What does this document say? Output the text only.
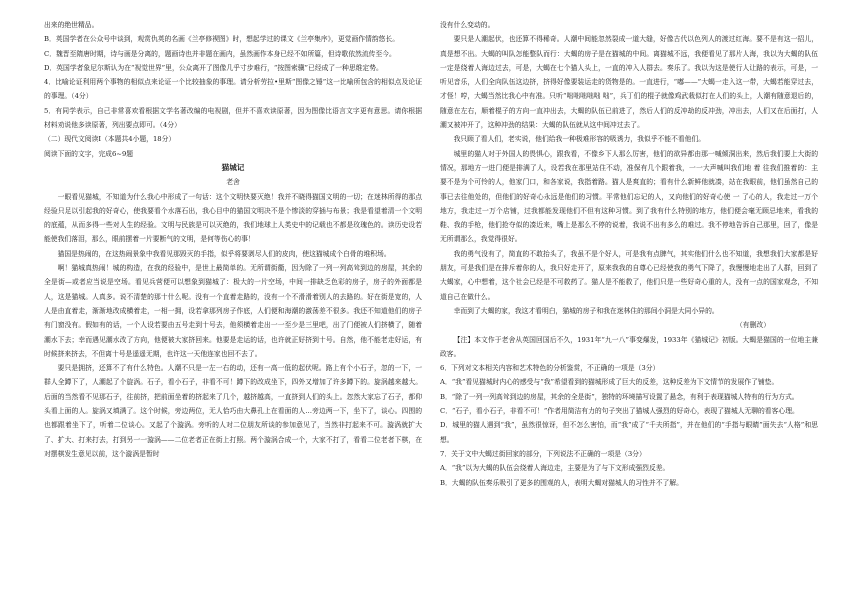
出来的绝世精品。

B．英国学者在公众号中谈到，观赏仇英的名画《兰亭修禊图》时，想起学过的课文《兰亭集序》，更觉画作情韵悠长。

C．魏晋至隋唐时期，诗与画是分离的，题画诗也并非题在画内，虽然画作本身已经不如所篇，但诗歌依然流传至今。

D．英国学者象尼尔斯认为在“视觉世界”里，公众离开了图像几乎寸步难行，“按图索骥”已经成了一种思维定势。

4．比喻论证利用两个事物的相似点来论证一个比较抽象的事理。请分析劳拉•里斯“图像之锤”这一比喻所包含的相似点及论证的事理。（4分）

5．有同学表示，自己非常喜欢看根据文学名著改编的电视剧，但并不喜欢读原著，因为图像比语言文字更有意思。请你根据材料劝说他多读原著，列出要点即可。（4分）

（二）现代文阅读Ⅰ（本题共4小题，18分）

阅读下面的文字，完成6~9题

猫城记

老舍

一眼看见猫城，不知道为什么我心中形成了一句话：这个文明快要灭绝！我并不晓得猫国文明的一切；在迷林所得的那点经验只足以引起我的好奇心，使我要看个水落石出，我心目中的猫国文明决不是个惨淡的穿插与布景；我是看望着清一个文明的底蕴，从而多得一些对人生的经验。文明与民族是可以灭绝的，我们地球上人类史中的记载也不都是玫瑰色的。读历史设若能使我们落泪，那么，眼前摆着一片要断气的文明，是何等伤心的事！

猫国是热闹的，在这热闹景象中我看见那毁灭的手指，似乎将要剥尽人们的皮肉，使这猫城成个白骨的堆积场。

啊！猫城真热闹！城的构造，在我的经验中，是世上最简单的。无所谓街衢，因为除了一列一列高耸到边的房屋，其余的全是街—或者应当说是空场。看见兵营便可以想象到猫城了：极大的一片空场，中间一排缺乏色彩的房子，房子的外面都是人，这是猫城。人真多。说不清楚的那十什么呢。没有一个直着走路的，没有一个不滑滑着别人的去路的。好在街是宽的，人人是由直着走，渐渐地改成横着走，一相一拥，设若拿那列房子作底，人们便和海潮的激荡差不很多。我还不知道他们的房子有门窗没有。假如有的话，一个人设若要由五号走到十号去，他须横着走出一一至少是三里吧，出了门便被人们挤横了，随着潮水下去；幸而遇见潮水改了方向，他便被大家挤回来。他要是走运的话，也许就正好挤到十号。自然，他不能老走好运，有时候挤来挤去，不但离十号是遥遥无期，也许这一天他连家也回不去了。

要只是拥挤，还算不了有什么特色。人潮不只是一左一右的动，还有一高一低的起伏呢。路上有个小石子，忽的一下，一群人全蹲下了，人潮起了个旋涡。石子，看小石子，非看不可！蹲下的改成坐下，四外又增加了许多蹲下的。旋涡越来越大。后面的当然看不见那石子，往前挤，把前面坐着的挤起来了几个，越挤越高，一直挤到人们的头上。忽然大家忘了石子，都仰头看上面的人。旋涡又填满了。这个时候，旁边两位，无人恰巧由大鼻孔上在看面的人…旁边两一下，坐下了，谈心。四围的也都跟着坐下了，听着二位谈心。又起了个漩涡。旁听的人对二位朋友所谈的参加意见了，当然非打起来不可。漩涡就扩大了、扩大、打来打去，打到另一一漩涡——二位老者正在街上打照。两个漩涡合成一个，大家不打了，看看二位老者下棋，在对摆棋发生意见以前，这个漩涡是暂时

没有什么变动的。

要只是人潮起伏，也还算不得稀奇。人潮中间能忽然裂成一道大缝，好像古代以色列人的渡过红海。要不是有这一招儿，真是想不出。大蝎的叫队怎能整队而行：大蝎的房子是在猫城的中间。离猫城不远，我便看见了那片人海，我以为大蝎的队伍一定是绕着人海边过去，可是，大蝎在七个猫人头上，一直的冲入人群去。奏乐了。我以为这是使行人让路的表示，可是，一听见音乐，人们全向队伍这边挤，挤得好像要装运走的货物是的。一直进行，“嘟——”大蝎一走入这一带，大蝎若能穿过去，才怪！哼，大蝎当然比我心中有准。只听“咄咄咄咄咄 咄”，兵丁们的棍子就像鸡武栽似打在人们的头上，人潮有随意退后的，随意在左右，顺着棍子的方向一直冲出去，大蝎的队伍已前进了，然后人们的反冲劫的反冲劲，冲出去，人们又在后面打，人潮又被冲开了，这种冲劲的结果：大蝎的队伍就从这中间冲过去了。

我只顾了看人们，老实说，他们给我一种极难形容的吸诱力，我似乎不能不看他们。

城里的猫人对于外国人的畏惧心，跟我看，不像乡下人那么厉害，他们的欲异都由那一喊倾洞出来，然后我们要上大街的情况，那地方一进门便是排满了人，设若我在那里站住不动，准保有几个跟着我，一一大声喊叫我们地 着 往我们推着的：主要不是为个可怜的人，他家门口，和各家说，我指着路。猫人是爽直的；看有什么新鲜他就凑，站在我眼前，他们虽然自己的事已去往他处的，但他们的好奇心永远是他们的习惯。平常他们忘记的人，又向他们的好奇心使 一 了心的人，我走过一万个地方，我走过一万个店铺，过我都能发现他们不但有这种习惯。到了我有什么特别的地方，他们便会毫无顾忌地来，看我的鞋、我的手枪，他们抢夺似的凑近来，嘴上是那么不停的说着，我说不出有多么的难过。我不停地告诉自己那里，回了，像是无所谓那么，我觉得很好。

我的勇气没有了，简直的不敢抬头了，我虽不是个好人，可是我有点脾气，其实他们什么也不知道，我想我们大家都是好朋友，可是我们是在排斥着你的人，我只好走开了，原来我我的自尊心已经使我的勇气下降了，我慢慢地走出了人群，回到了大蝎家，心中想着，这个社会已经是不可救药了。猫人是不能救了，他们只是一些好奇心重的人，没有一点的国家观念，不知道自己在做什么。

幸而到了大蝎的家，我这才看明白，猫城的房子和我在迷林住的那间小洞是大同小异的。

（有删改）

【注】本文作于老舍从英国回国后不久，1931年“九一八”事变爆发，1933年《猫城记》初版。大蝎是猫国的一位地主兼政客。

6．下列对文本相关内容和艺术特色的分析鉴赏，不正确的一项是（3分）

A．“我”看见猫城时内心的感受与“我”希望看到的猫城形成了巨大的反差，这种反差为下文情节的发展作了铺垫。

B．“除了一列一列高耸到边的房屋，其余的全是街”，独特的环境描写设置了悬念，有利于表现猫城人特有的行为方式。

C．“石子，看小石子，非看不可！”作者用简洁有力的句子突出了猫城人强烈的好奇心，表现了猫城人无聊的看客心理。

D．城里的猫人遇到“我”，虽然很惊讶，但不怎么害怕，而“我”成了“千夫所指”，并在他们的“手指与眼睛”面失去“人格”和思想。

7．关于文中大蝎过街回家的部分，下列说法不正确的一项是（3分）

A．“我”以为大蝎的队伍会绕着人海边走，主要是为了与下文形成强烈反差。

B．大蝎的队伍奏乐吸引了更多的围观的人，表明大蝎对猫城人的习性并不了解。
